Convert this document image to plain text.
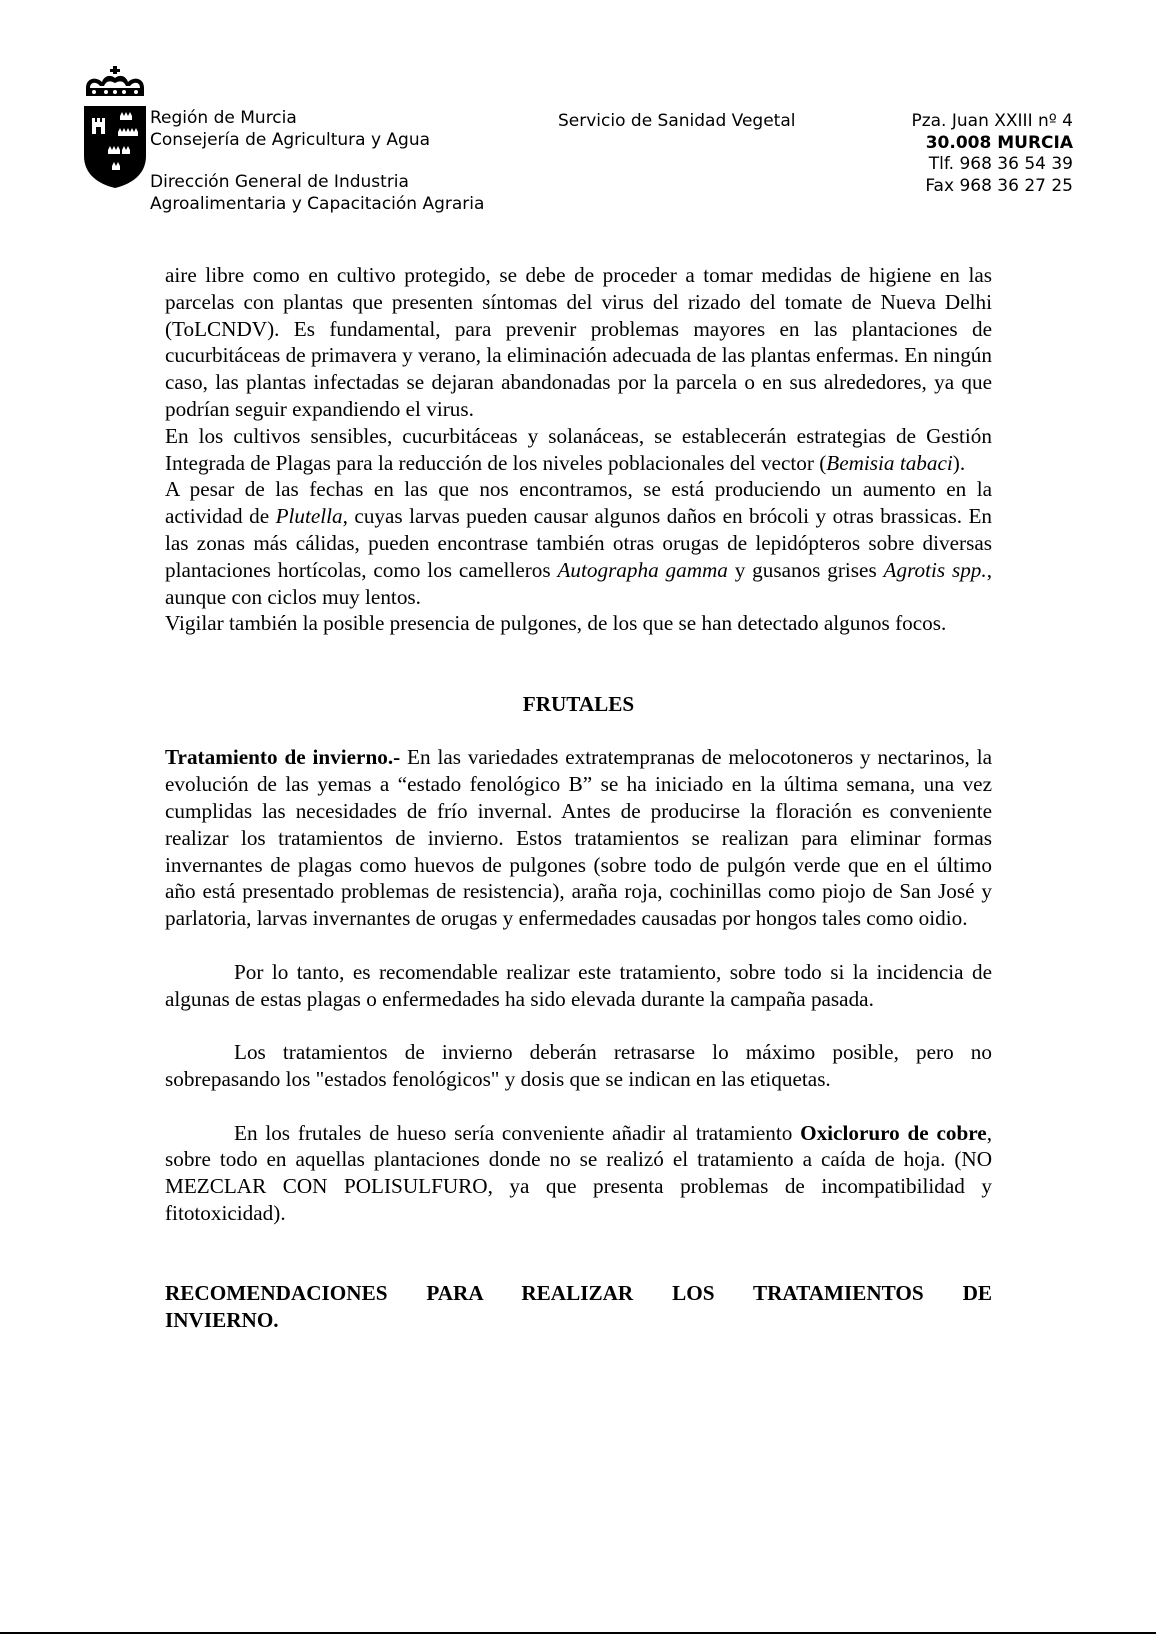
Región de Murcia
Consejería de Agricultura y Agua
Dirección General de Industria
Agroalimentaria y Capacitación Agraria
Servicio de Sanidad Vegetal	Pza. Juan XXIII nº 4
30.008 MURCIA
Tlf. 968 36 54 39
Fax 968 36 27 25

aire libre como en cultivo protegido, se debe de proceder a tomar medidas de higiene en las parcelas con plantas que presenten síntomas del virus del rizado del tomate de Nueva Delhi (ToLCNDV). Es fundamental, para prevenir problemas mayores en las plantaciones de cucurbitáceas de primavera y verano, la eliminación adecuada de las plantas enfermas. En ningún caso, las plantas infectadas se dejaran abandonadas por la parcela o en sus alrededores, ya que podrían seguir expandiendo el virus.

En los cultivos sensibles, cucurbitáceas y solanáceas, se establecerán estrategias de Gestión Integrada de Plagas para la reducción de los niveles poblacionales del vector (Bemisia tabaci).

A pesar de las fechas en las que nos encontramos, se está produciendo un aumento en la actividad de Plutella, cuyas larvas pueden causar algunos daños en brócoli y otras brassicas. En las zonas más cálidas, pueden encontrase también otras orugas de lepidópteros sobre diversas plantaciones hortícolas, como los camelleros Autographa gamma y gusanos grises Agrotis spp., aunque con ciclos muy lentos.

Vigilar también la posible presencia de pulgones, de los que se han detectado algunos focos.

FRUTALES

Tratamiento de invierno.- En las variedades extratempranas de melocotoneros y nectarinos, la evolución de las yemas a “estado fenológico B” se ha iniciado en la última semana, una vez cumplidas las necesidades de frío invernal. Antes de producirse la floración es conveniente realizar los tratamientos de invierno. Estos tratamientos se realizan para eliminar formas invernantes de plagas como huevos de pulgones (sobre todo de pulgón verde que en el último año está presentado problemas de resistencia), araña roja, cochinillas como piojo de San José y parlatoria, larvas invernantes de orugas y enfermedades causadas por hongos tales como oidio.

Por lo tanto, es recomendable realizar este tratamiento, sobre todo si la incidencia de algunas de estas plagas o enfermedades ha sido elevada durante la campaña pasada.

Los tratamientos de invierno deberán retrasarse lo máximo posible, pero no sobrepasando los "estados fenológicos" y dosis que se indican en las etiquetas.

En los frutales de hueso sería conveniente añadir al tratamiento Oxicloruro de cobre, sobre todo en aquellas plantaciones donde no se realizó el tratamiento a caída de hoja. (NO MEZCLAR CON POLISULFURO, ya que presenta problemas de incompatibilidad y fitotoxicidad).

RECOMENDACIONES PARA REALIZAR LOS TRATAMIENTOS DE

INVIERNO.
